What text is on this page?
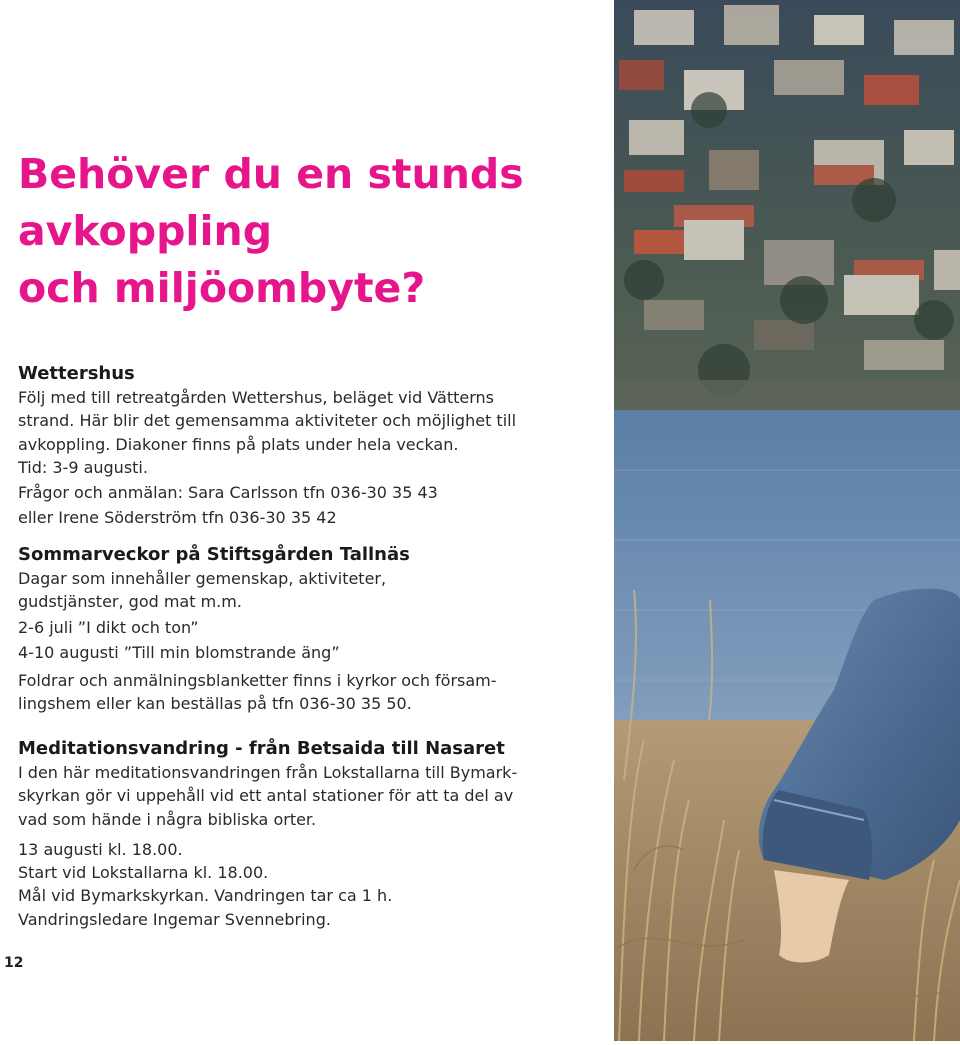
Behöver du en stunds
avkoppling
och miljöombyte?
Wettershus
Följ med till retreatgården Wettershus, beläget vid Vätterns
strand. Här blir det gemensamma aktiviteter och möjlighet till
avkoppling. Diakoner finns på plats under hela veckan.
Tid: 3-9 augusti.
Frågor och anmälan: Sara Carlsson tfn 036-30 35 43
eller Irene Söderström tfn 036-30 35 42
Sommarveckor på Stiftsgården Tallnäs
Dagar som innehåller gemenskap, aktiviteter,
gudstjänster, god mat m.m.
2-6 juli ”I dikt och ton”
4-10 augusti ”Till min blomstrande äng”
Foldrar och anmälningsblanketter finns i kyrkor och försam-
lingshem eller kan beställas på tfn 036-30 35 50.
Meditationsvandring - från Betsaida till Nasaret
I den här meditationsvandringen från Lokstallarna till Bymark-
skyrkan gör vi uppehåll vid ett antal stationer för att ta del av
vad som hände i några bibliska orter.
13 augusti kl. 18.00.
Start vid Lokstallarna kl. 18.00.
Mål vid Bymarkskyrkan. Vandringen tar ca 1 h.
Vandringsledare Ingemar Svennebring.
12
